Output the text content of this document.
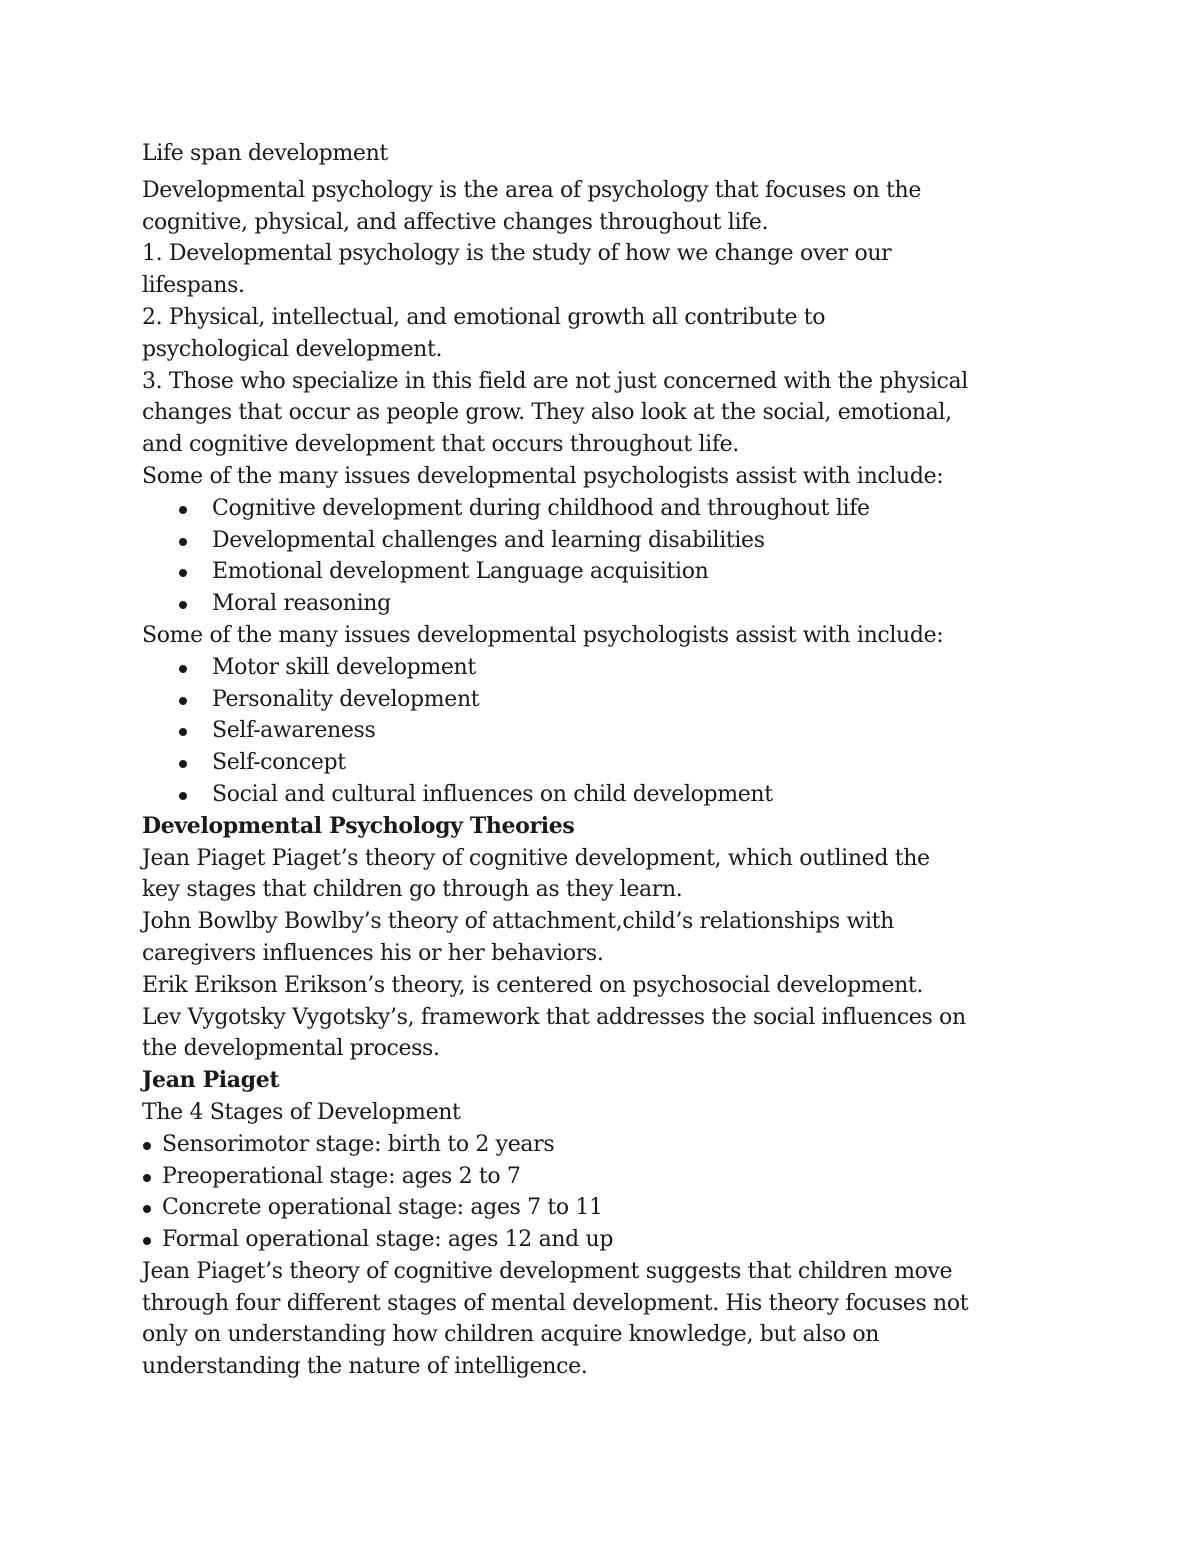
Life span development

Developmental psychology is the area of psychology that focuses on the

cognitive, physical, and affective changes throughout life.

1. Developmental psychology is the study of how we change over our

lifespans.

2. Physical, intellectual, and emotional growth all contribute to

psychological development.

3. Those who specialize in this field are not just concerned with the physical

changes that occur as people grow. They also look at the social, emotional,

and cognitive development that occurs throughout life.

Some of the many issues developmental psychologists assist with include:

Cognitive development during childhood and throughout life
Developmental challenges and learning disabilities
Emotional development Language acquisition
Moral reasoning

Some of the many issues developmental psychologists assist with include:

Motor skill development
Personality development
Self-awareness
Self-concept
Social and cultural influences on child development

Developmental Psychology Theories

Jean Piaget Piaget’s theory of cognitive development, which outlined the

key stages that children go through as they learn.

John Bowlby Bowlby’s theory of attachment,child’s relationships with

caregivers influences his or her behaviors.

Erik Erikson Erikson’s theory, is centered on psychosocial development.

Lev Vygotsky Vygotsky’s, framework that addresses the social influences on

the developmental process.

Jean Piaget

The 4 Stages of Development

Sensorimotor stage: birth to 2 years
Preoperational stage: ages 2 to 7
Concrete operational stage: ages 7 to 11
Formal operational stage: ages 12 and up

Jean Piaget’s theory of cognitive development suggests that children move

through four different stages of mental development. His theory focuses not

only on understanding how children acquire knowledge, but also on

understanding the nature of intelligence.
